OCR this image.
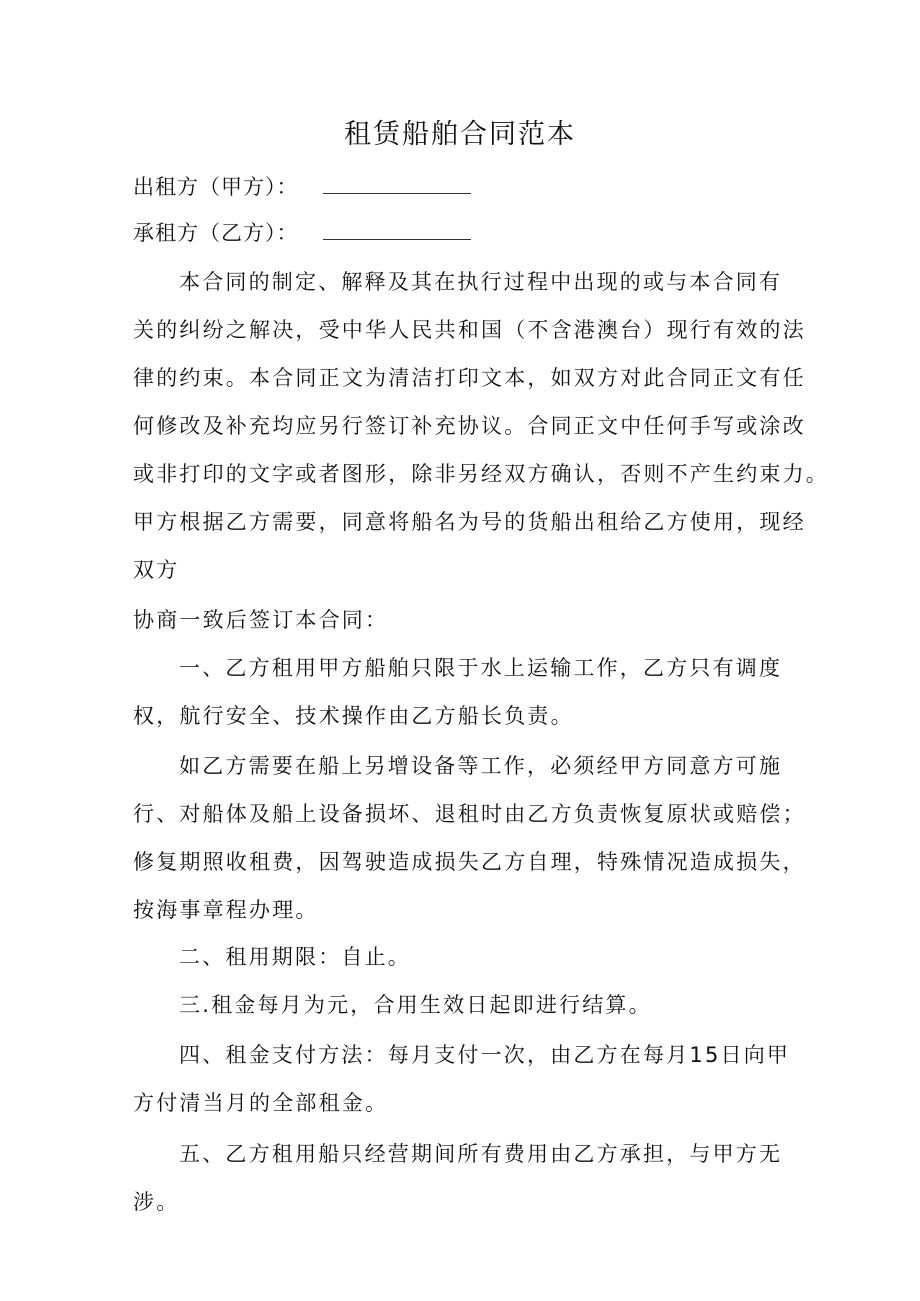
租赁船舶合同范本
出租方（甲方）：
承租方（乙方）：
本合同的制定、解释及其在执行过程中出现的或与本合同有
关的纠纷之解决，受中华人民共和国（不含港澳台）现行有效的法
律的约束。本合同正文为清洁打印文本，如双方对此合同正文有任
何修改及补充均应另行签订补充协议。合同正文中任何手写或涂改
或非打印的文字或者图形，除非另经双方确认，否则不产生约束力。
甲方根据乙方需要，同意将船名为号的货船出租给乙方使用，现经
双方
协商一致后签订本合同：
一、乙方租用甲方船舶只限于水上运输工作，乙方只有调度
权，航行安全、技术操作由乙方船长负责。
如乙方需要在船上另增设备等工作，必须经甲方同意方可施
行、对船体及船上设备损坏、退租时由乙方负责恢复原状或赔偿；
修复期照收租费，因驾驶造成损失乙方自理，特殊情况造成损失，
按海事章程办理。
二、租用期限：自止。
三.租金每月为元，合用生效日起即进行结算。
四、租金支付方法：每月支付一次，由乙方在每月15日向甲
方付清当月的全部租金。
五、乙方租用船只经营期间所有费用由乙方承担，与甲方无
涉。
